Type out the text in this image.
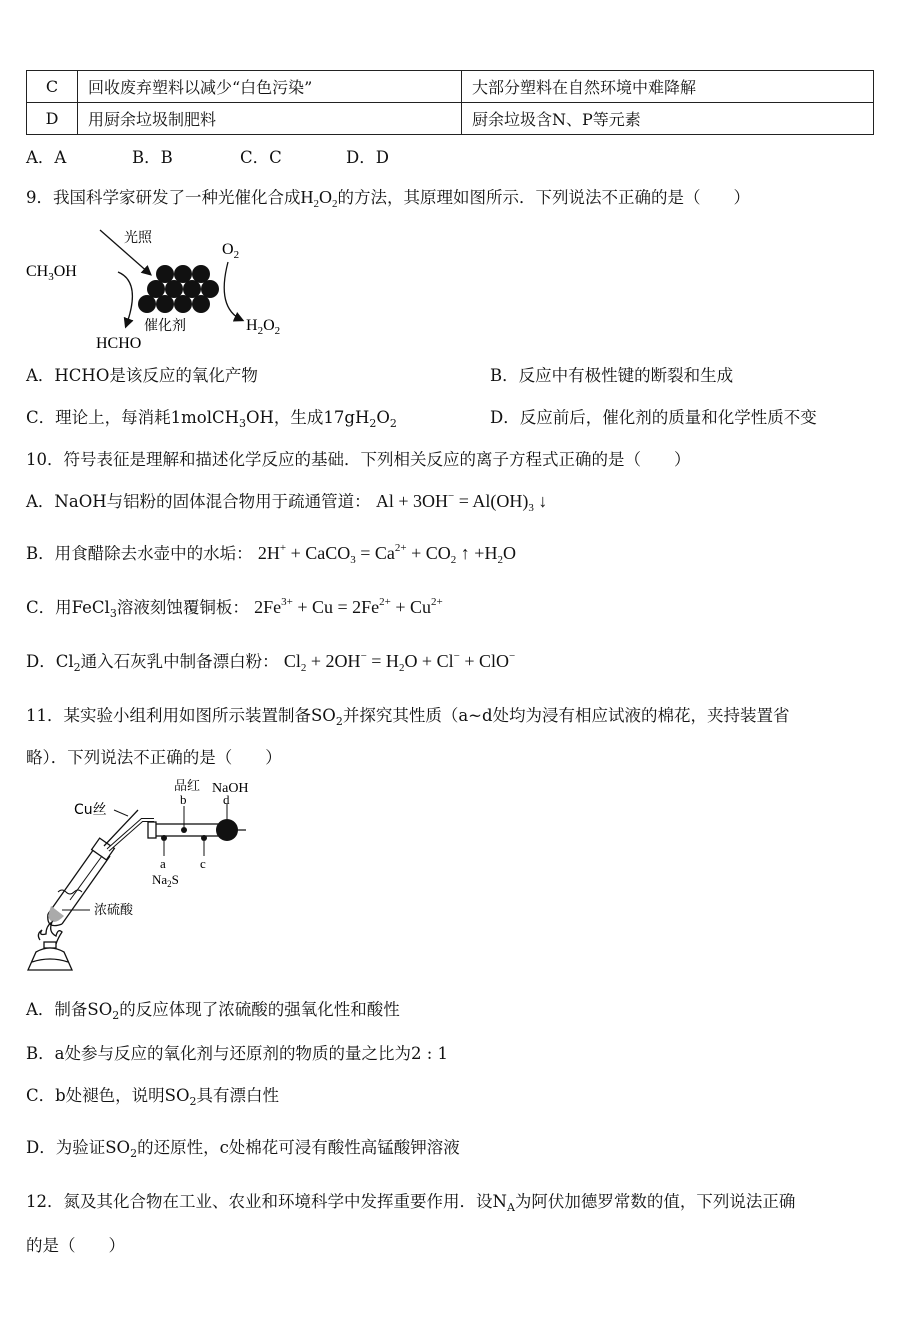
C	回收废弃塑料以减少“白色污染”	大部分塑料在自然环境中难降解
D	用厨余垃圾制肥料	厨余垃圾含N、P等元素
A．A	B．B	C．C	D．D
9．我国科学家研发了一种光催化合成$H_2O_2$的方法，其原理如图所示．下列说法不正确的是（　　）
光照
催化剂
$CH_3OH$
HCHO
$O_2$
$H_2O_2$
A．HCHO是该反应的氧化产物	B．反应中有极性键的断裂和生成
C．理论上，每消耗1molCH$_3$OH，生成$17gH_2O_2$	D．反应前后，催化剂的质量和化学性质不变
10．符号表征是理解和描述化学反应的基础．下列相关反应的离子方程式正确的是（　　）
A．NaOH与铝粉的固体混合物用于疏通管道： $Al + 3OH^- = Al(OH)_3$ ↓
B．用食醋除去水壶中的水垢： 2H+ + CaCO$_3$ = $Ca^{2+} + CO_2$ ↑ $+H_2O$
C．用FeCl$_3$溶液刻蚀覆铜板： $2Fe^{3+} + Cu = 2Fe^{2+} + Cu^{2+}$
D．$Cl_2$通入石灰乳中制备漂白粉： $Cl_2 + 2OH^- = H_2O + Cl^- + ClO^-$
11．某实验小组利用如图所示装置制备$SO_2$并探究其性质（a~d处均为浸有相应试液的棉花，夹持装置省
略）．下列说法不正确的是（　　）
Cu丝
品红 NaOH
b	d
a	c
$Na_2S$
浓硫酸
A．制备$SO_2$的反应体现了浓硫酸的强氧化性和酸性
B．a处参与反应的氧化剂与还原剂的物质的量之比为2 : 1
C．b处褪色，说明$SO_2$具有漂白性
D．为验证$SO_2$的还原性，c处棉花可浸有酸性高锰酸钾溶液
12．氮及其化合物在工业、农业和环境科学中发挥重要作用．设$N_A$为阿伏加德罗常数的值，下列说法正确
的是（　　）
